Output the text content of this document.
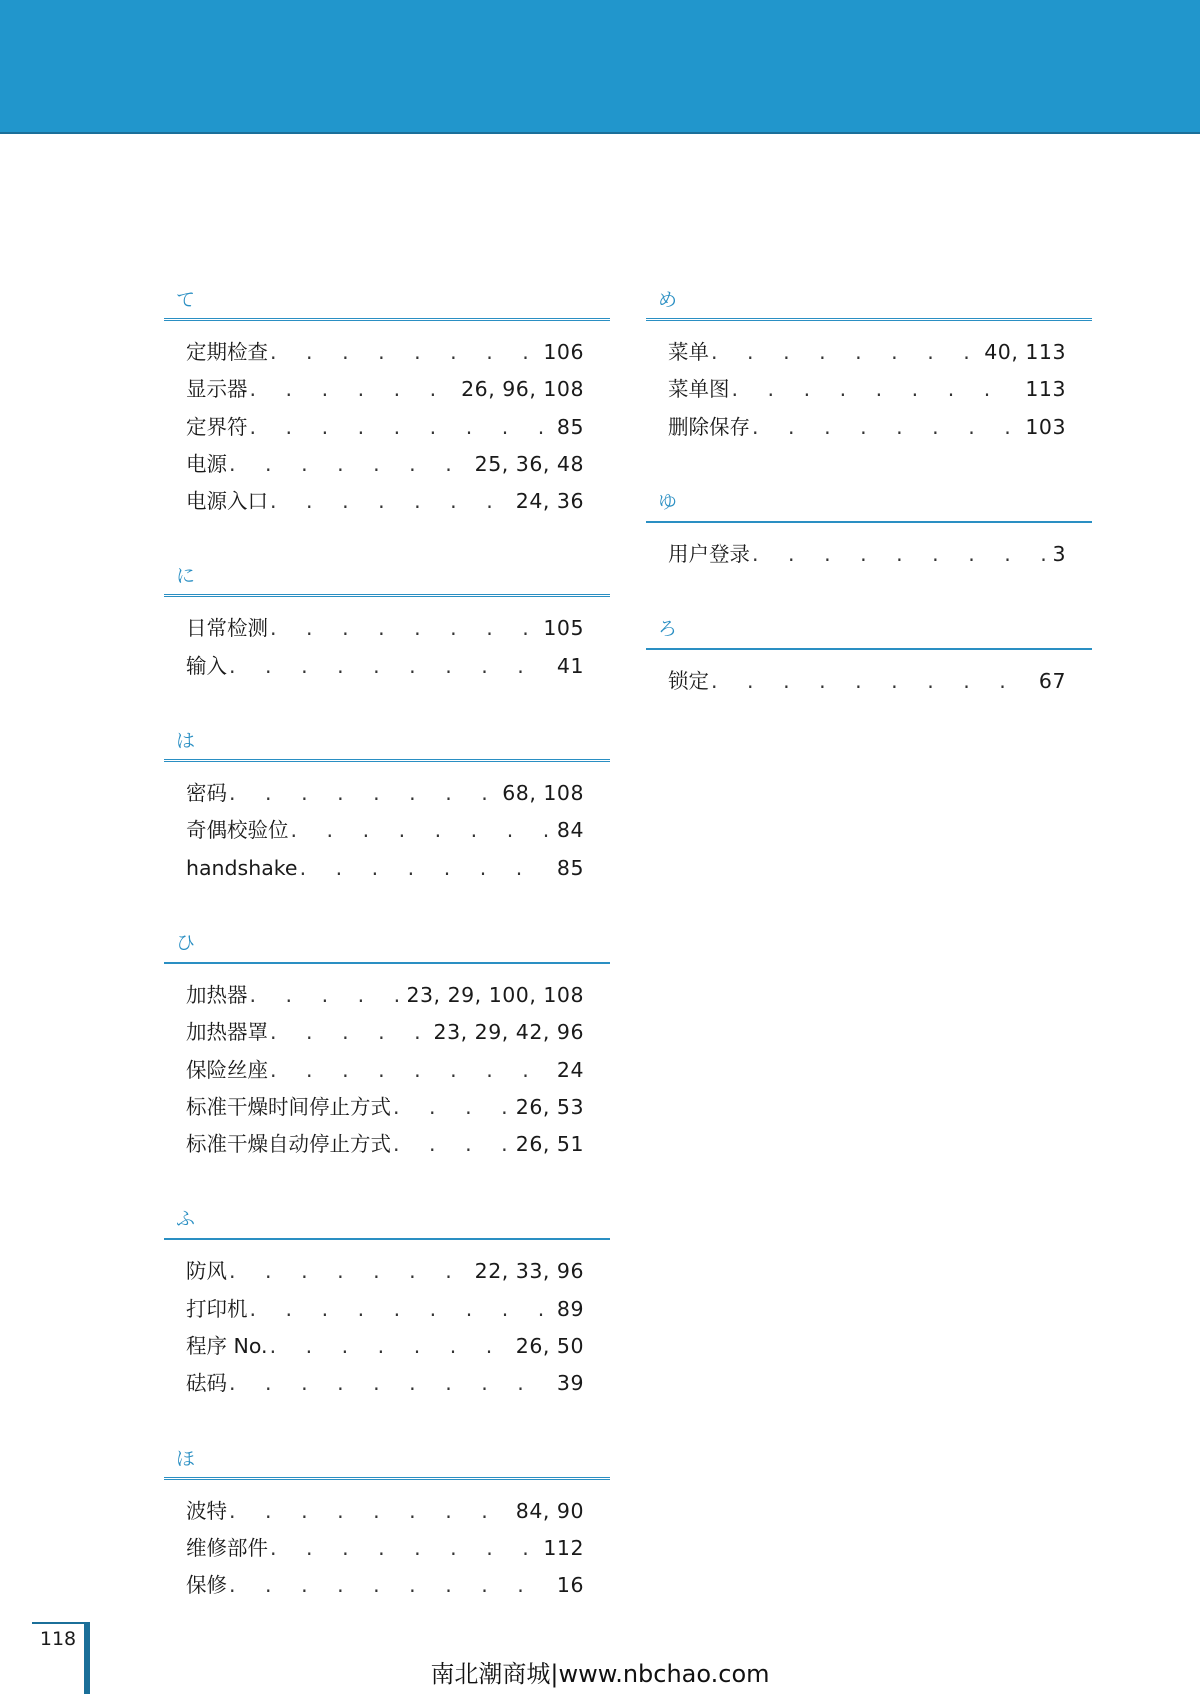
て
定期检查 . . .	106
显示器 . . .	26, 96, 108
定界符 . . .	85
电源 . . .	25, 36, 48
电源入口 . . .	24, 36
に
日常检测 . . .	105
输入 . . .	41
は
密码 . . .	68, 108
奇偶校验位 . . .	84
handshake . . .	85
ひ
加热器 . . .	23, 29, 100, 108
加热器罩 . . .	23, 29, 42, 96
保险丝座 . . .	24
标准干燥时间停止方式 . . .	26, 53
标准干燥自动停止方式 . . .	26, 51
ふ
防风 . . .	22, 33, 96
打印机 . . .	89
程序 No. . . .	26, 50
砝码 . . .	39
ほ
波特 . . .	84, 90
维修部件 . . .	112
保修 . . .	16
め
菜单 . . .	40, 113
菜单图 . . .	113
删除保存 . . .	103
ゆ
用户登录 . . .	3
ろ
锁定 . . .	67
118
南北潮商城|www.nbchao.com
